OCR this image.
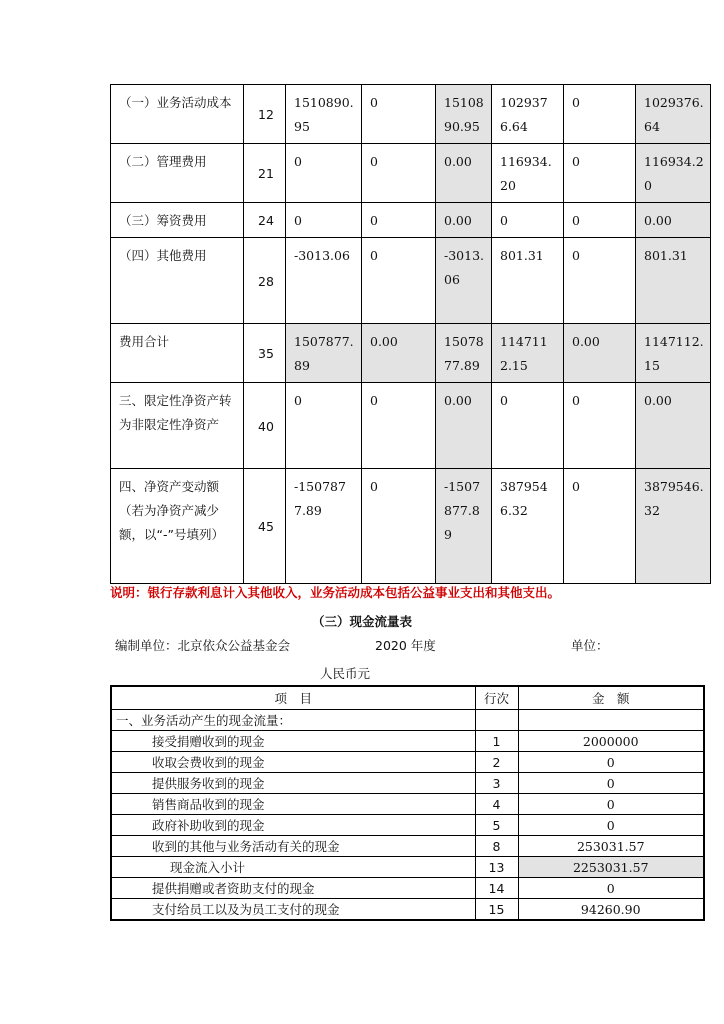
（一）业务活动成本	12	1510890.95	0	1510890.95	1029376.64	0	1029376.64
（二）管理费用	21	0	0	0.00	116934.20	0	116934.20
（三）筹资费用	24	0	0	0.00	0	0	0.00
（四）其他费用	28	-3013.06	0	-3013.06	801.31	0	801.31
费用合计	35	1507877.89	0.00	1507877.89	1147112.15	0.00	1147112.15
三、限定性净资产转为非限定性净资产	40	0	0	0.00	0	0	0.00
四、净资产变动额（若为净资产减少额，以“-”号填列）	45	-1507877.89	0	-1507877.89	3879546.32	0	3879546.32
说明：银行存款利息计入其他收入，业务活动成本包括公益事业支出和其他支出。
（三）现金流量表
编制单位：北京依众公益基金会	2020 年度	单位：
人民币元
项　目	行次	金　额
一、业务活动产生的现金流量：		
接受捐赠收到的现金	1	2000000
收取会费收到的现金	2	0
提供服务收到的现金	3	0
销售商品收到的现金	4	0
政府补助收到的现金	5	0
收到的其他与业务活动有关的现金	8	253031.57
现金流入小计	13	2253031.57
提供捐赠或者资助支付的现金	14	0
支付给员工以及为员工支付的现金	15	94260.90
